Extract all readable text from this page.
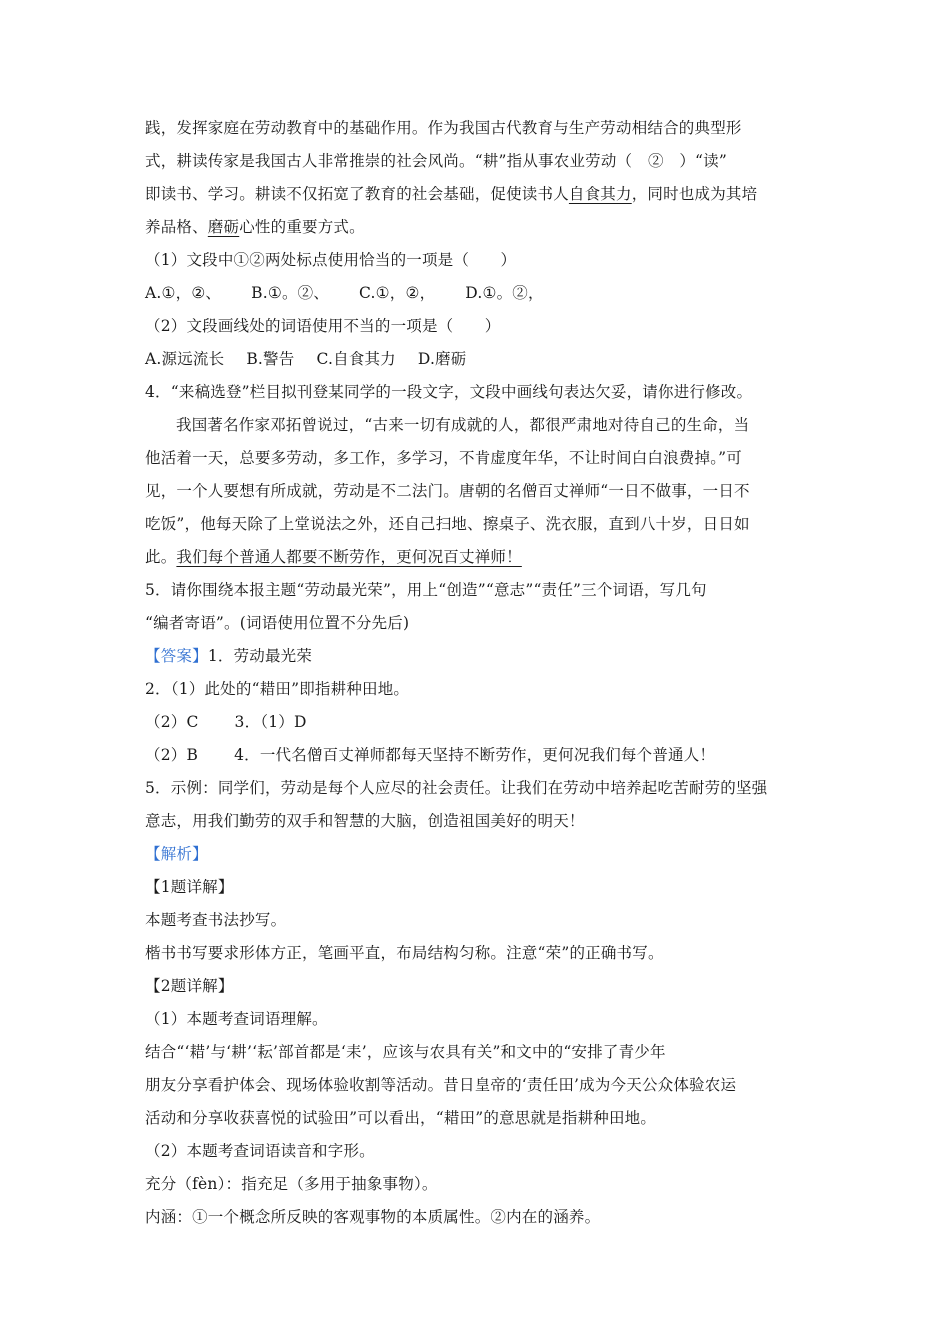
践，发挥家庭在劳动教育中的基础作用。作为我国古代教育与生产劳动相结合的典型形
式，耕读传家是我国古人非常推崇的社会风尚。“耕”指从事农业劳动（　②　）“读”
即读书、学习。耕读不仅拓宽了教育的社会基础，促使读书人自食其力，同时也成为其培
养品格、磨砺心性的重要方式。
（1）文段中①②两处标点使用恰当的一项是（　　）
A.①，②、 B.①。②、 C.①，②， D.①。②，
（2）文段画线处的词语使用不当的一项是（　　）
A.源远流长 B.警告 C.自食其力 D.磨砺
4．“来稿选登”栏目拟刊登某同学的一段文字，文段中画线句表达欠妥，请你进行修改。
我国著名作家邓拓曾说过，“古来一切有成就的人，都很严肃地对待自己的生命，当
他活着一天，总要多劳动，多工作，多学习，不肯虚度年华，不让时间白白浪费掉。”可
见，一个人要想有所成就，劳动是不二法门。唐朝的名僧百丈禅师“一日不做事，一日不
吃饭”，他每天除了上堂说法之外，还自己扫地、擦桌子、洗衣服，直到八十岁，日日如
此。我们每个普通人都要不断劳作，更何况百丈禅师！
5．请你围绕本报主题“劳动最光荣”，用上“创造”“意志”“责任”三个词语，写几句
“编者寄语”。(词语使用位置不分先后)
【答案】1．劳动最光荣
2．（1）此处的“耤田”即指耕种田地。
（2）C 3．（1）D
（2）B 4．一代名僧百丈禅师都每天坚持不断劳作，更何况我们每个普通人！
5．示例：同学们，劳动是每个人应尽的社会责任。让我们在劳动中培养起吃苦耐劳的坚强
意志，用我们勤劳的双手和智慧的大脑，创造祖国美好的明天！
【解析】
【1题详解】
本题考查书法抄写。
楷书书写要求形体方正，笔画平直，布局结构匀称。注意“荣”的正确书写。
【2题详解】
（1）本题考查词语理解。
结合“‘耤’与‘耕’‘耘’部首都是‘耒’，应该与农具有关”和文中的“安排了青少年
朋友分享看护体会、现场体验收割等活动。昔日皇帝的‘责任田’成为今天公众体验农运
活动和分享收获喜悦的试验田”可以看出，“耤田”的意思就是指耕种田地。
（2）本题考查词语读音和字形。
充分（fèn）：指充足（多用于抽象事物）。
内涵：①一个概念所反映的客观事物的本质属性。②内在的涵养。
